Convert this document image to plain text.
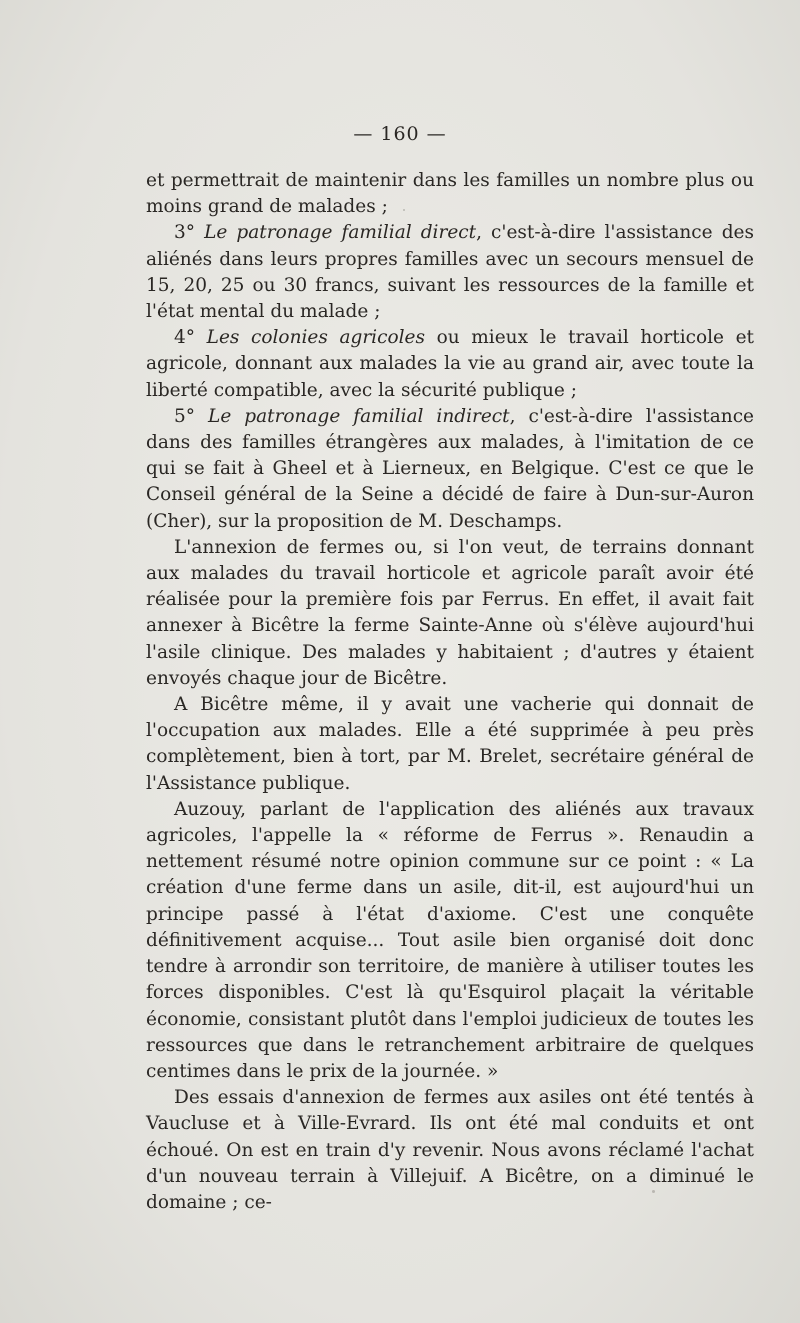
— 160 —

et permettrait de maintenir dans les familles un nombre plus ou moins grand de malades ;

3° Le patronage familial direct, c'est-à-dire l'assistance des aliénés dans leurs propres familles avec un secours mensuel de 15, 20, 25 ou 30 francs, suivant les ressources de la famille et l'état mental du malade ;

4° Les colonies agricoles ou mieux le travail horticole et agricole, donnant aux malades la vie au grand air, avec toute la liberté compatible, avec la sécurité publique ;

5° Le patronage familial indirect, c'est-à-dire l'assistance dans des familles étrangères aux malades, à l'imitation de ce qui se fait à Gheel et à Lierneux, en Belgique. C'est ce que le Conseil général de la Seine a décidé de faire à Dun-sur-Auron (Cher), sur la proposition de M. Deschamps.

L'annexion de fermes ou, si l'on veut, de terrains donnant aux malades du travail horticole et agricole paraît avoir été réalisée pour la première fois par Ferrus. En effet, il avait fait annexer à Bicêtre la ferme Sainte-Anne où s'élève aujourd'hui l'asile clinique. Des malades y habitaient ; d'autres y étaient envoyés chaque jour de Bicêtre.

A Bicêtre même, il y avait une vacherie qui donnait de l'occupation aux malades. Elle a été supprimée à peu près complètement, bien à tort, par M. Brelet, secrétaire général de l'Assistance publique.

Auzouy, parlant de l'application des aliénés aux travaux agricoles, l'appelle la « réforme de Ferrus ». Renaudin a nettement résumé notre opinion commune sur ce point : « La création d'une ferme dans un asile, dit-il, est aujourd'hui un principe passé à l'état d'axiome. C'est une conquête définitivement acquise... Tout asile bien organisé doit donc tendre à arrondir son territoire, de manière à utiliser toutes les forces disponibles. C'est là qu'Esquirol plaçait la véritable économie, consistant plutôt dans l'emploi judicieux de toutes les ressources que dans le retranchement arbitraire de quelques centimes dans le prix de la journée. »

Des essais d'annexion de fermes aux asiles ont été tentés à Vaucluse et à Ville-Evrard. Ils ont été mal conduits et ont échoué. On est en train d'y revenir. Nous avons réclamé l'achat d'un nouveau terrain à Villejuif. A Bicêtre, on a diminué le domaine ; ce-
